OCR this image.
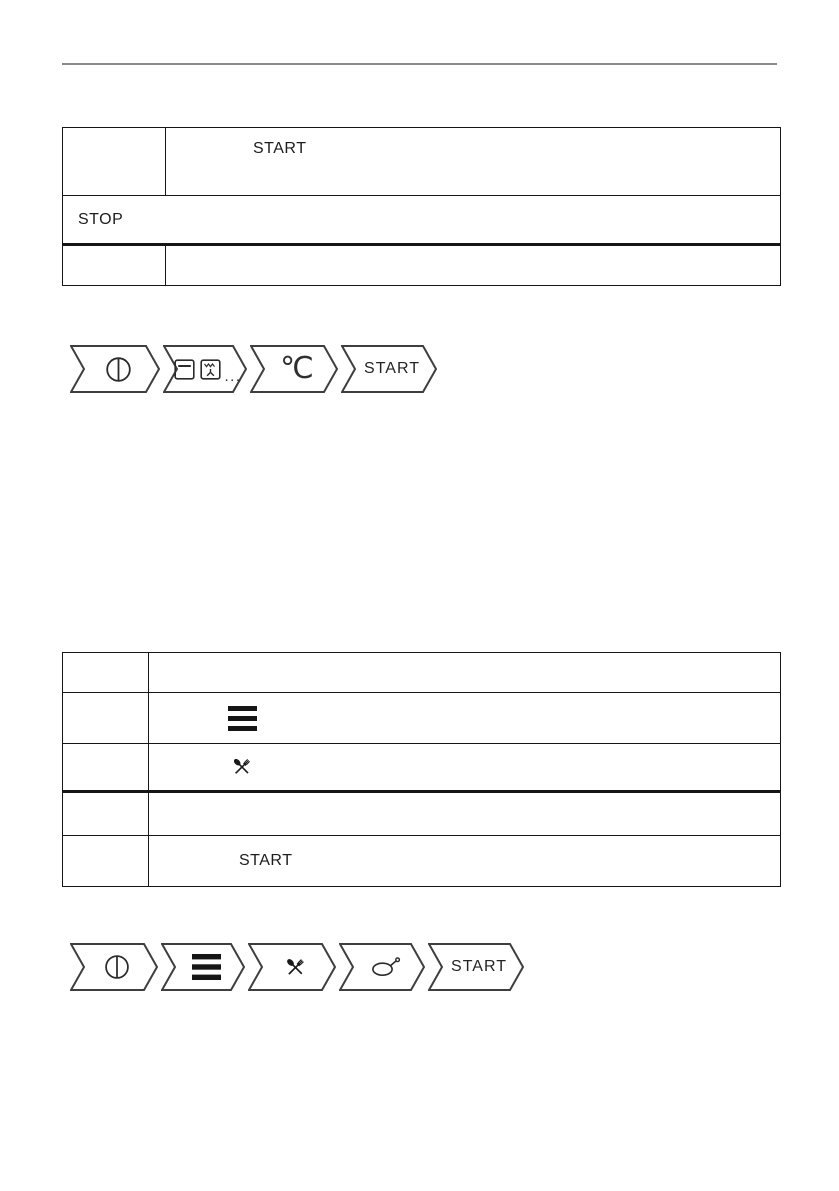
START
STOP
... ℃	START
START
START
